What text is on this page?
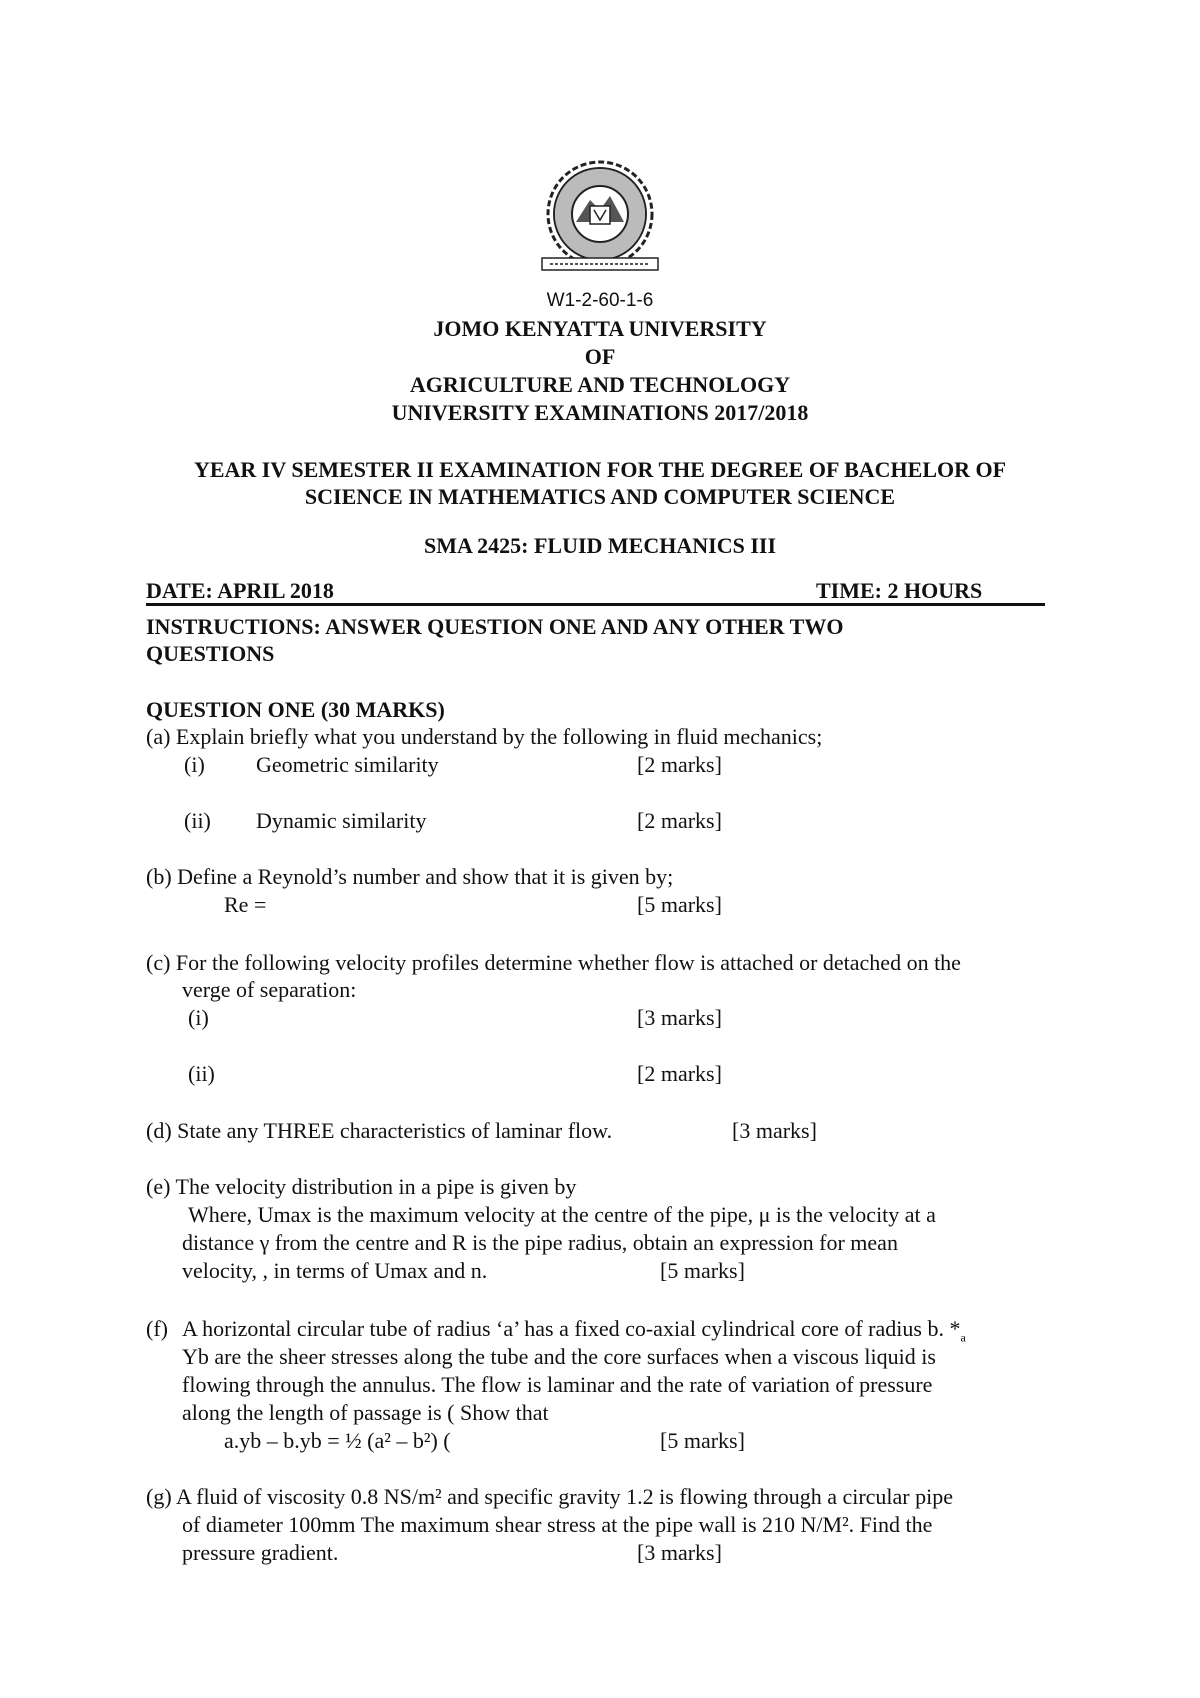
W1-2-60-1-6
JOMO KENYATTA UNIVERSITY
OF
AGRICULTURE AND TECHNOLOGY
UNIVERSITY EXAMINATIONS 2017/2018
YEAR IV SEMESTER II EXAMINATION FOR THE DEGREE OF BACHELOR OF
SCIENCE IN MATHEMATICS AND COMPUTER SCIENCE
SMA 2425: FLUID MECHANICS III
DATE: APRIL 2018	TIME: 2 HOURS
INSTRUCTIONS: ANSWER QUESTION ONE AND ANY OTHER TWO
QUESTIONS
QUESTION ONE (30 MARKS)
(a) Explain briefly what you understand by the following in fluid mechanics;
(i) Geometric similarity	[2 marks]
(ii) Dynamic similarity	[2 marks]
(b) Define a Reynold’s number and show that it is given by;
Re =	[5 marks]
(c) For the following velocity profiles determine whether flow is attached or detached on the
verge of separation:
(i)	[3 marks]
(ii)	[2 marks]
(d) State any THREE characteristics of laminar flow.	[3 marks]
(e) The velocity distribution in a pipe is given by
Where, Umax is the maximum velocity at the centre of the pipe, μ is the velocity at a
distance γ from the centre and R is the pipe radius, obtain an expression for mean
velocity, , in terms of Umax and n.	[5 marks]
(f) A horizontal circular tube of radius ‘a’ has a fixed co-axial cylindrical core of radius b. $*_a$
Yb are the sheer stresses along the tube and the core surfaces when a viscous liquid is
flowing through the annulus. The flow is laminar and the rate of variation of pressure
along the length of passage is ( Show that
a.yb – b.yb = ½ (a² – b²) (	[5 marks]
(g) A fluid of viscosity 0.8 NS/m² and specific gravity 1.2 is flowing through a circular pipe
of diameter 100mm The maximum shear stress at the pipe wall is 210 N/M². Find the
pressure gradient.	[3 marks]
